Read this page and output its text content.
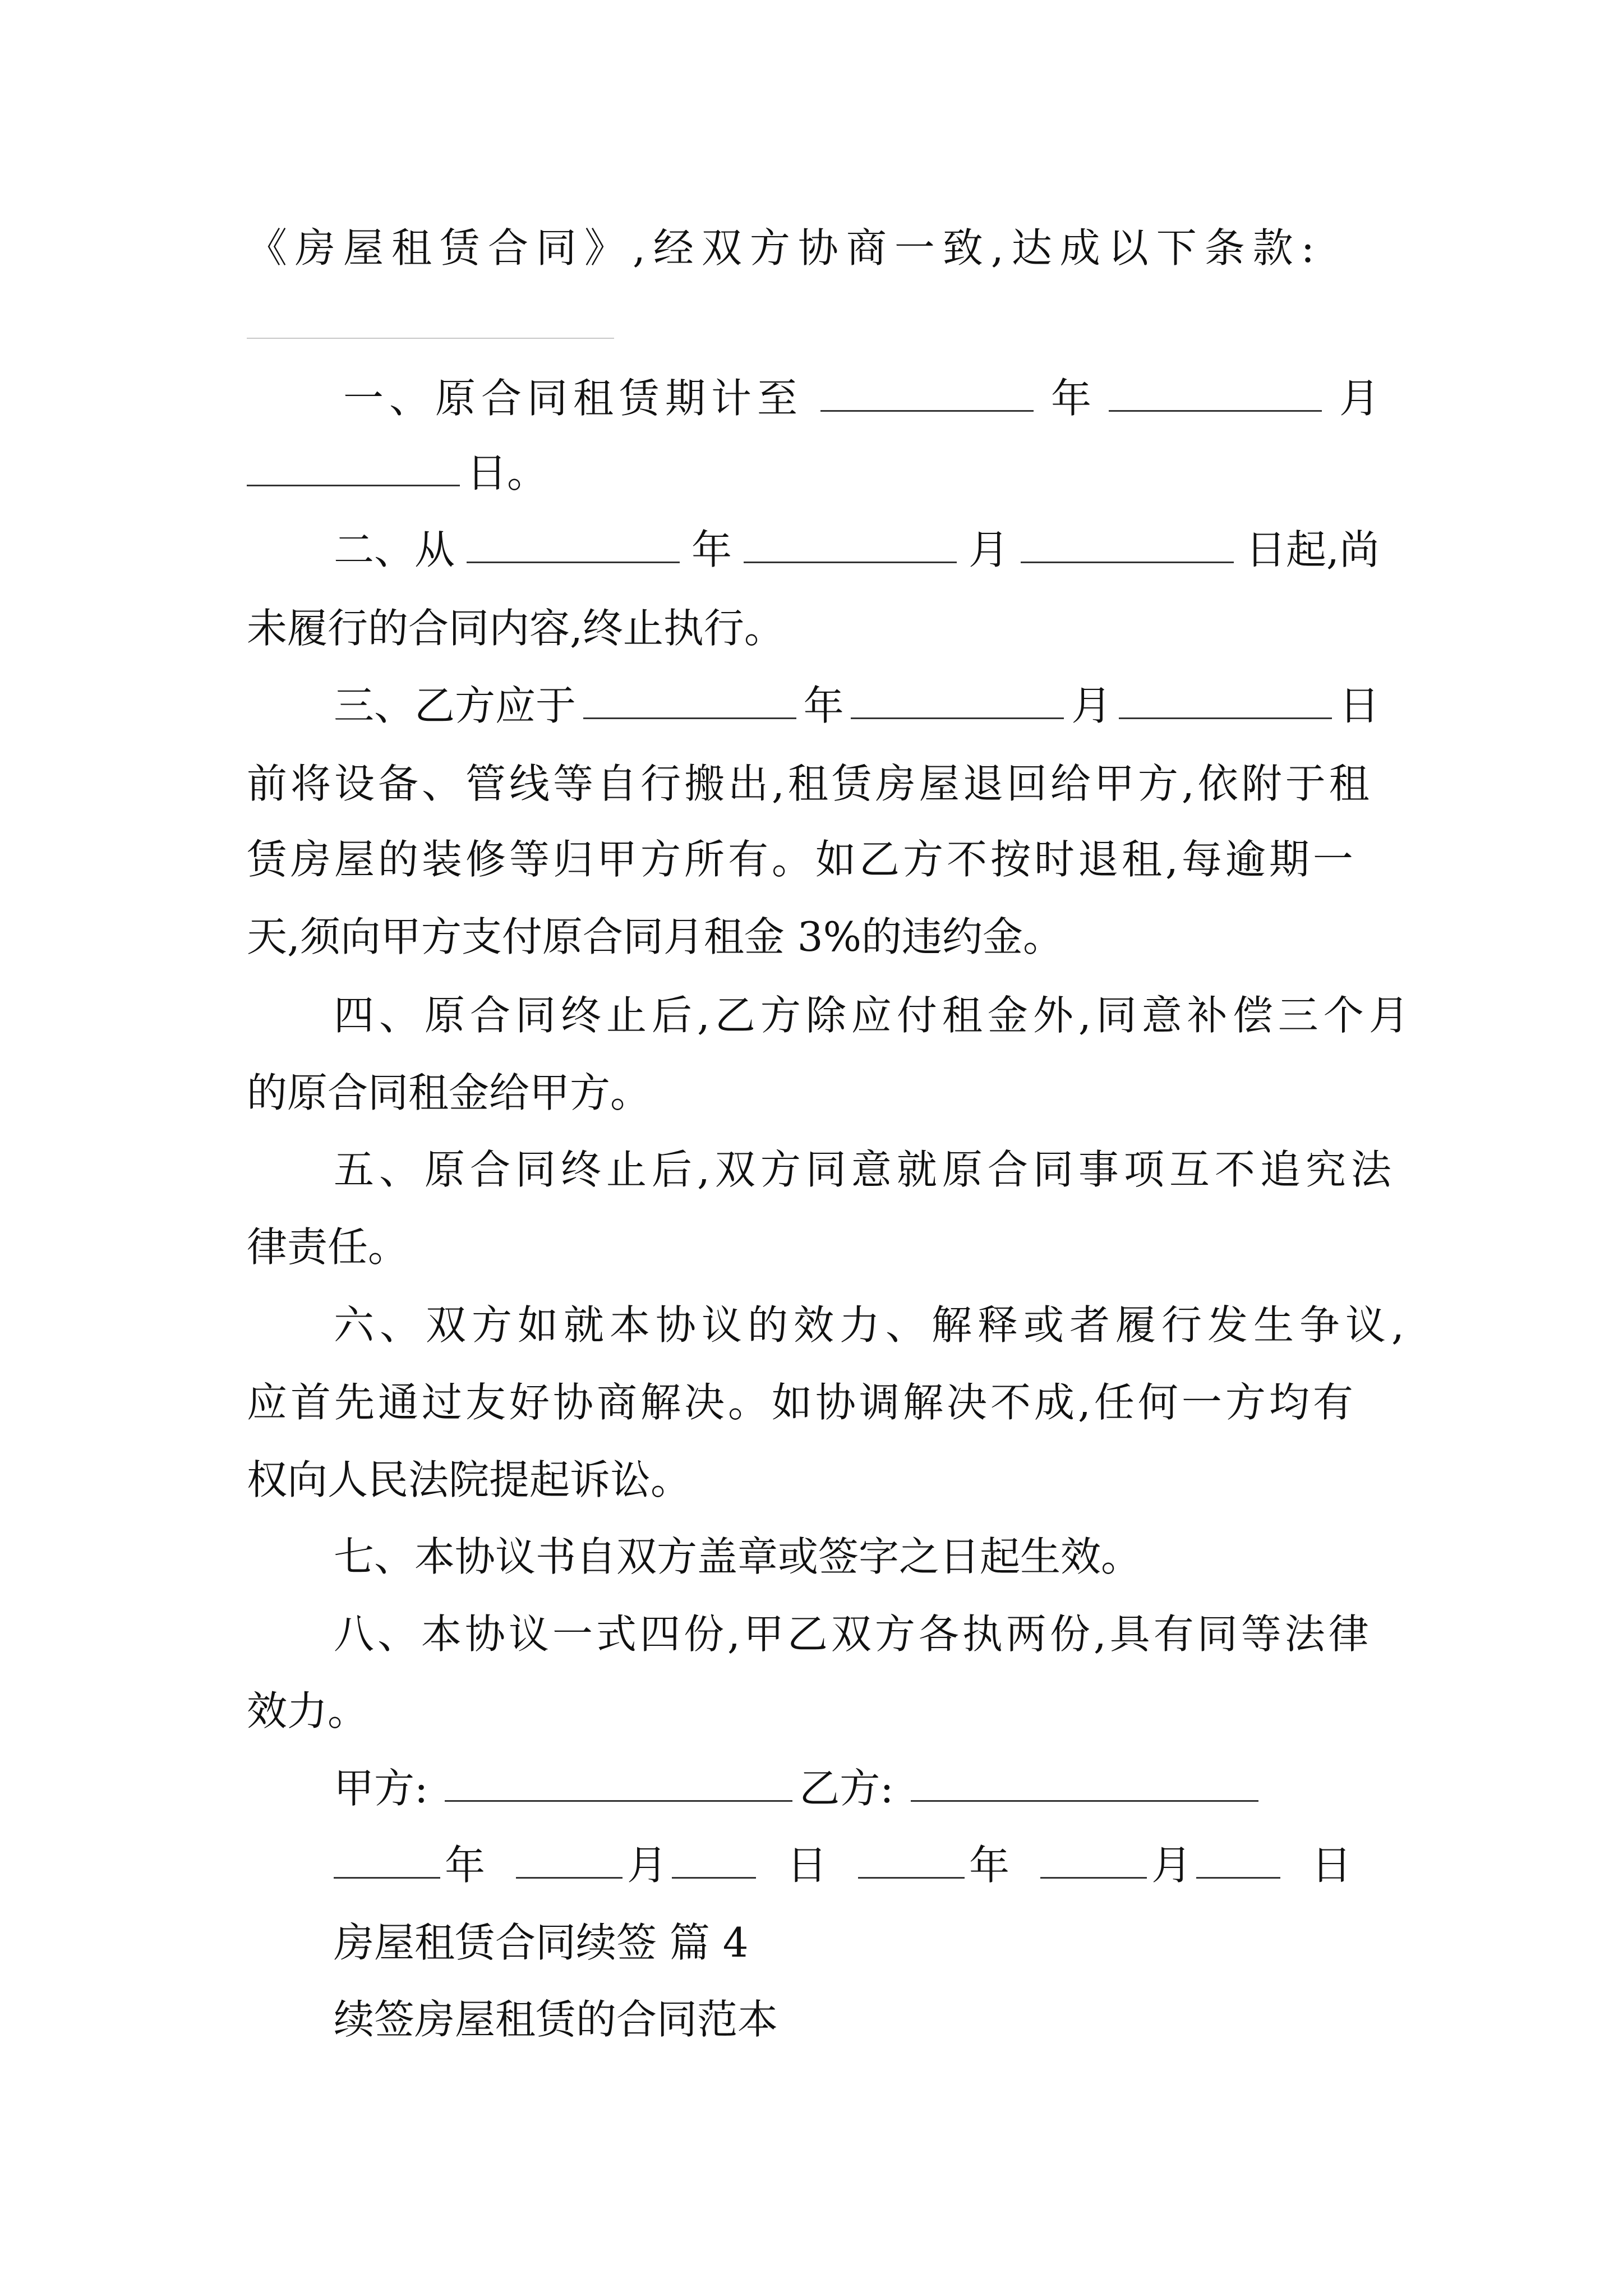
《房屋租赁合同》,经双方协商一致,达成以下条款:
一、原合同租赁期计至	年	月
日。
二、从	年	月	日起,尚
未履行的合同内容,终止执行。
三、乙方应于	年	月	日
前将设备、管线等自行搬出,租赁房屋退回给甲方,依附于租
赁房屋的装修等归甲方所有。如乙方不按时退租,每逾期一
天,须向甲方支付原合同月租金 3%的违约金。
四、原合同终止后,乙方除应付租金外,同意补偿三个月
的原合同租金给甲方。
五、原合同终止后,双方同意就原合同事项互不追究法
律责任。
六、双方如就本协议的效力、解释或者履行发生争议,
应首先通过友好协商解决。如协调解决不成,任何一方均有
权向人民法院提起诉讼。
七、本协议书自双方盖章或签字之日起生效。
八、本协议一式四份,甲乙双方各执两份,具有同等法律
效力。
甲方:	乙方:
年	月	日	年	月	日
房屋租赁合同续签 篇 4
续签房屋租赁的合同范本
